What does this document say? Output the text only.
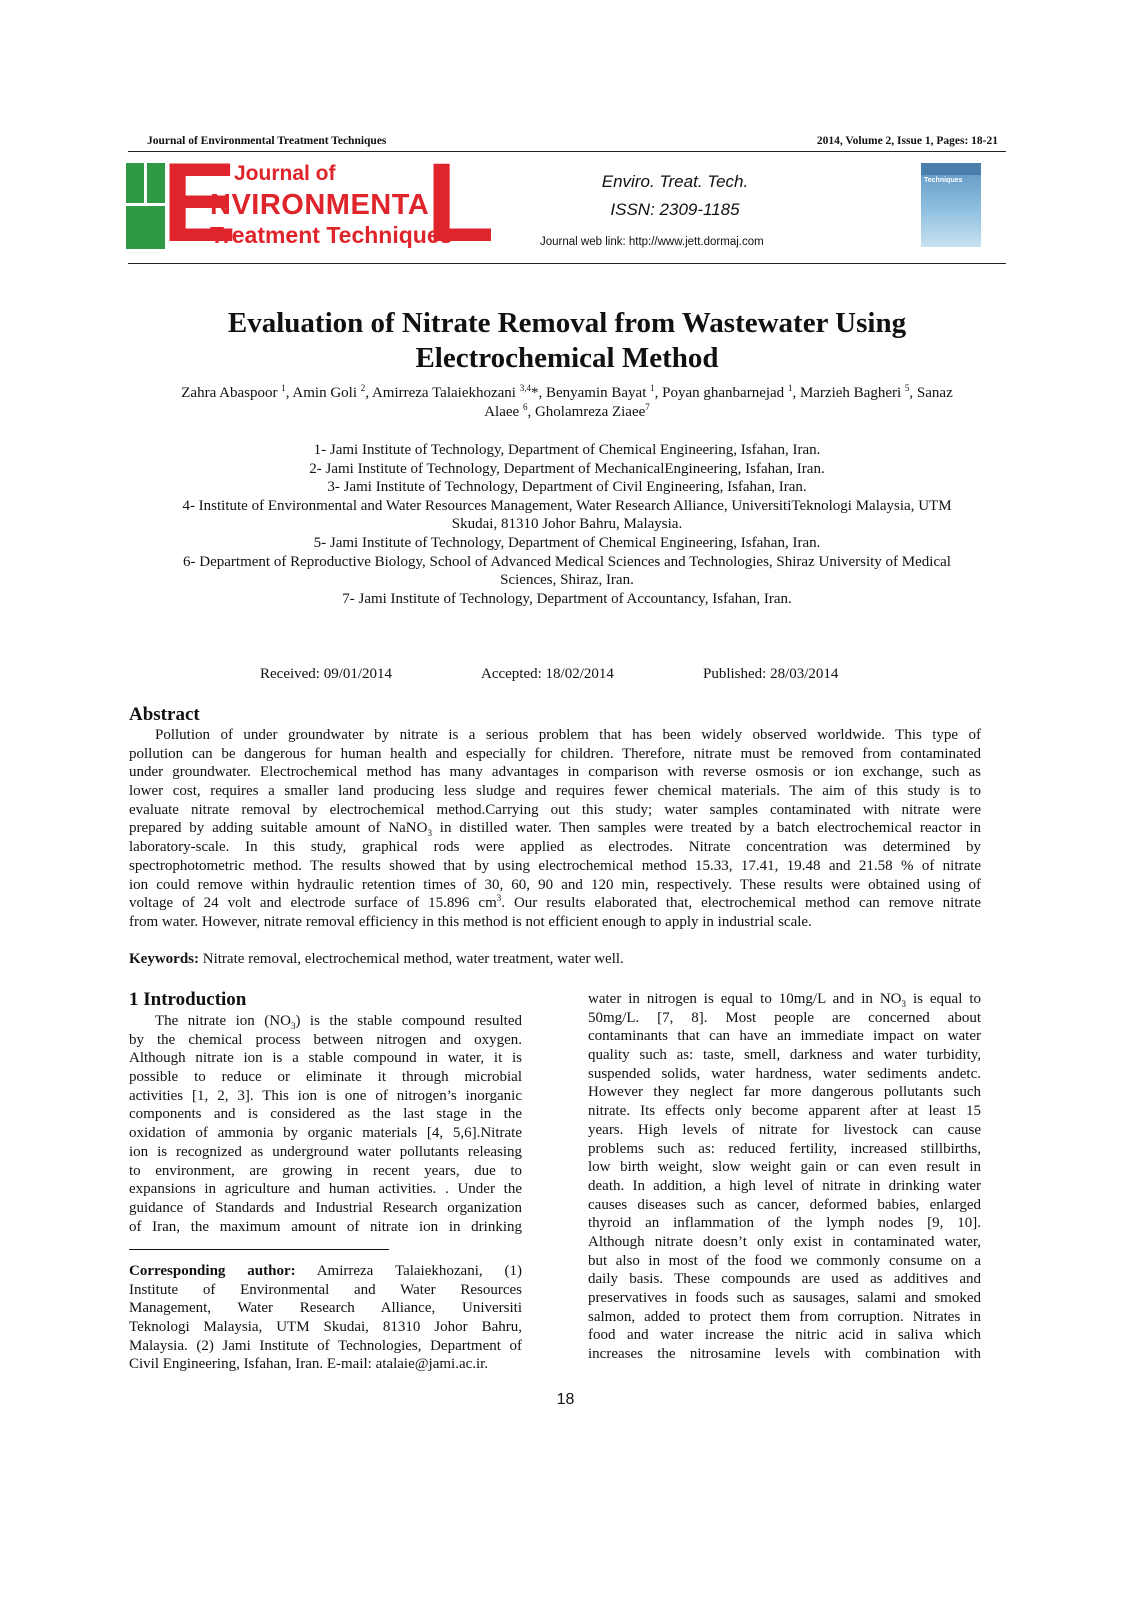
Journal of Environmental Treatment Techniques	2014, Volume 2, Issue 1, Pages: 18-21
E
Journal of
NVIRONMENTA
Treatment Techniques
L	Enviro. Treat. Tech.
ISSN: 2309-1185
Journal web link: http://www.jett.dormaj.com
Techniques
Evaluation of Nitrate Removal from Wastewater Using
Electrochemical Method
Zahra Abaspoor $^1$, Amin Goli $^2$, Amirreza Talaiekhozani $^{3,4}$*, Benyamin Bayat $^1$, Poyan ghanbarnejad $^1$, Marzieh Bagheri $^5$, Sanaz
Alaee $^6$, Gholamreza Ziaee$^7$
1- Jami Institute of Technology, Department of Chemical Engineering, Isfahan, Iran.
2- Jami Institute of Technology, Department of MechanicalEngineering, Isfahan, Iran.
3- Jami Institute of Technology, Department of Civil Engineering, Isfahan, Iran.
4- Institute of Environmental and Water Resources Management, Water Research Alliance, UniversitiTeknologi Malaysia, UTM
Skudai, 81310 Johor Bahru, Malaysia.
5- Jami Institute of Technology, Department of Chemical Engineering, Isfahan, Iran.
6- Department of Reproductive Biology, School of Advanced Medical Sciences and Technologies, Shiraz University of Medical
Sciences, Shiraz, Iran.
7- Jami Institute of Technology, Department of Accountancy, Isfahan, Iran.
Received: 09/01/2014	Accepted: 18/02/2014	Published: 28/03/2014
Abstract
Pollution of under groundwater by nitrate is a serious problem that has been widely observed worldwide. This type of
pollution can be dangerous for human health and especially for children. Therefore, nitrate must be removed from contaminated
under groundwater. Electrochemical method has many advantages in comparison with reverse osmosis or ion exchange, such as
lower cost, requires a smaller land producing less sludge and requires fewer chemical materials. The aim of this study is to
evaluate nitrate removal by electrochemical method.Carrying out this study; water samples contaminated with nitrate were
prepared by adding suitable amount of NaNO$_3$ in distilled water. Then samples were treated by a batch electrochemical reactor in
laboratory-scale. In this study, graphical rods were applied as electrodes. Nitrate concentration was determined by
spectrophotometric method. The results showed that by using electrochemical method 15.33, 17.41, 19.48 and 21.58 % of nitrate
ion could remove within hydraulic retention times of 30, 60, 90 and 120 min, respectively. These results were obtained using of
voltage of 24 volt and electrode surface of 15.896 $cm^3$. Our results elaborated that, electrochemical method can remove nitrate
from water. However, nitrate removal efficiency in this method is not efficient enough to apply in industrial scale.
Keywords: Nitrate removal, electrochemical method, water treatment, water well.
1 Introduction
The nitrate ion $(NO_3)$ is the stable compound resulted
by the chemical process between nitrogen and oxygen.
Although nitrate ion is a stable compound in water, it is
possible to reduce or eliminate it through microbial
activities [1, 2, 3]. This ion is one of nitrogen’s inorganic
components and is considered as the last stage in the
oxidation of ammonia by organic materials [4, 5,6].Nitrate
ion is recognized as underground water pollutants releasing
to environment, are growing in recent years, due to
expansions in agriculture and human activities. . Under the
guidance of Standards and Industrial Research organization
of Iran, the maximum amount of nitrate ion in drinking
Corresponding author: Amirreza Talaiekhozani, (1)
Institute of Environmental and Water Resources
Management, Water Research Alliance, Universiti
Teknologi Malaysia, UTM Skudai, 81310 Johor Bahru,
Malaysia. (2) Jami Institute of Technologies, Department of
Civil Engineering, Isfahan, Iran. E-mail: atalaie@jami.ac.ir.
water in nitrogen is equal to 10mg/L and in $NO_3$ is equal to
50mg/L. [7, 8]. Most people are concerned about
contaminants that can have an immediate impact on water
quality such as: taste, smell, darkness and water turbidity,
suspended solids, water hardness, water sediments andetc.
However they neglect far more dangerous pollutants such
nitrate. Its effects only become apparent after at least 15
years. High levels of nitrate for livestock can cause
problems such as: reduced fertility, increased stillbirths,
low birth weight, slow weight gain or can even result in
death. In addition, a high level of nitrate in drinking water
causes diseases such as cancer, deformed babies, enlarged
thyroid an inflammation of the lymph nodes [9, 10].
Although nitrate doesn’t only exist in contaminated water,
but also in most of the food we commonly consume on a
daily basis. These compounds are used as additives and
preservatives in foods such as sausages, salami and smoked
salmon, added to protect them from corruption. Nitrates in
food and water increase the nitric acid in saliva which
increases the nitrosamine levels with combination with
18
